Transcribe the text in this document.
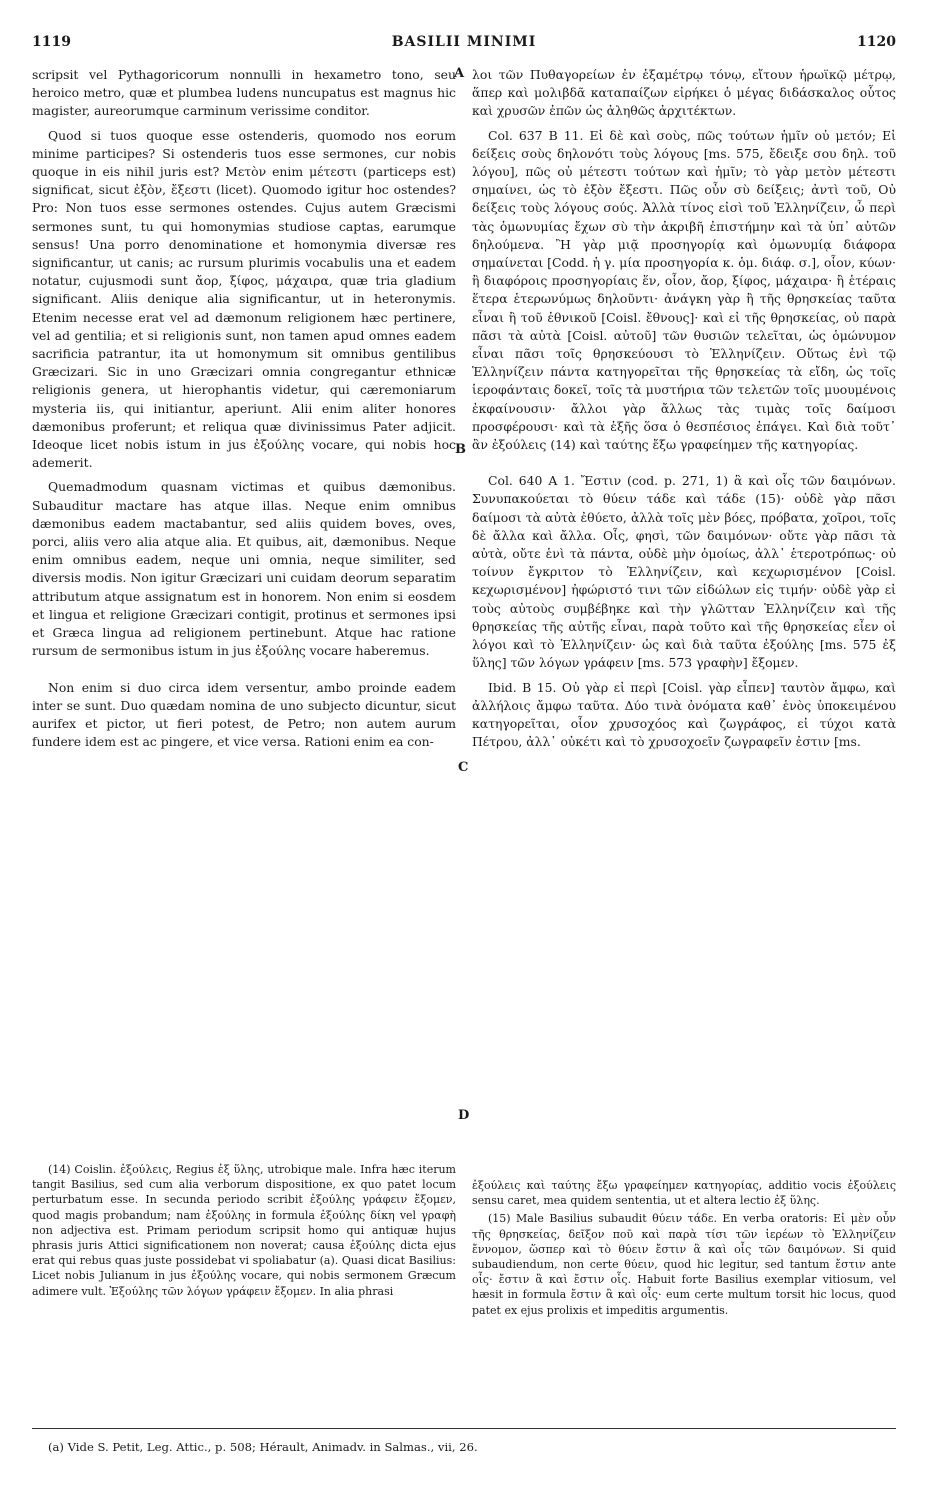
1119	BASILII MINIMI	1120

scripsit vel Pythagoricorum nonnulli in hexametro tono, seu heroico metro, quæ et plumbea ludens nuncupatus est magnus hic magister, aureorumque carminum verissime conditor.

Quod si tuos quoque esse ostenderis, quomodo nos eorum minime participes? Si ostenderis tuos esse sermones, cur nobis quoque in eis nihil juris est? Μετὸν enim μέτεστι (particeps est) significat, sicut ἐξὸν, ἔξεστι (licet). Quomodo igitur hoc ostendes? Pro: Non tuos esse sermones ostendes. Cujus autem Græcismi sermones sunt, tu qui homonymias studiose captas, earumque sensus! Una porro denominatione et homonymia diversæ res significantur, ut canis; ac rursum plurimis vocabulis una et eadem notatur, cujusmodi sunt ἄορ, ξίφος, μάχαιρα, quæ tria gladium significant. Aliis denique alia significantur, ut in heteronymis. Etenim necesse erat vel ad dæmonum religionem hæc pertinere, vel ad gentilia; et si religionis sunt, non tamen apud omnes eadem sacrificia patrantur, ita ut homonymum sit omnibus gentilibus Græcizari. Sic in uno Græcizari omnia congregantur ethnicæ religionis genera, ut hierophantis videtur, qui cæremoniarum mysteria iis, qui initiantur, aperiunt. Alii enim aliter honores dæmonibus proferunt; et reliqua quæ divinissimus Pater adjicit. Ideoque licet nobis istum in jus ἐξούλης vocare, qui nobis hoc ademerit.

Quemadmodum quasnam victimas et quibus dæmonibus. Subauditur mactare has atque illas. Neque enim omnibus dæmonibus eadem mactabantur, sed aliis quidem boves, oves, porci, aliis vero alia atque alia. Et quibus, ait, dæmonibus. Neque enim omnibus eadem, neque uni omnia, neque similiter, sed diversis modis. Non igitur Græcizari uni cuidam deorum separatim attributum atque assignatum est in honorem. Non enim si eosdem et lingua et religione Græcizari contigit, protinus et sermones ipsi et Græca lingua ad religionem pertinebunt. Atque hac ratione rursum de sermonibus istum in jus ἐξούλης vocare haberemus.

Non enim si duo circa idem versentur, ambo proinde eadem inter se sunt. Duo quædam nomina de uno subjecto dicuntur, sicut aurifex et pictor, ut fieri potest, de Petro; non autem aurum fundere idem est ac pingere, et vice versa. Rationi enim ea con-

A
B
C
D

λοι τῶν Πυθαγορείων ἐν ἑξαμέτρῳ τόνῳ, εἴτουν ἡρωϊκῷ μέτρῳ, ἅπερ καὶ μολιβδᾶ καταπαίζων εἰρήκει ὁ μέγας διδάσκαλος οὗτος καὶ χρυσῶν ἐπῶν ὡς ἀληθῶς ἀρχιτέκτων.

Col. 637 B 11. Εἰ δὲ καὶ σοὺς, πῶς τούτων ἡμῖν οὐ μετόν; Εἰ δείξεις σοὺς δηλονότι τοὺς λόγους [ms. 575, ἔδειξε σου δηλ. τοῦ λόγου], πῶς οὐ μέτεστι τούτων καὶ ἡμῖν; τὸ γὰρ μετὸν μέτεστι σημαίνει, ὡς τὸ ἐξὸν ἔξεστι. Πῶς οὖν σὺ δείξεις; ἀντὶ τοῦ, Οὐ δείξεις τοὺς λόγους σούς. Ἀλλὰ τίνος εἰσὶ τοῦ Ἑλληνίζειν, ὦ περὶ τὰς ὁμωνυμίας ἔχων σὺ τὴν ἀκριβῆ ἐπιστήμην καὶ τὰ ὑπ᾽ αὐτῶν δηλούμενα. Ἢ γὰρ μιᾷ προσηγορίᾳ καὶ ὁμωνυμίᾳ διάφορα σημαίνεται [Codd. ἡ γ. μία προσηγορία κ. ὁμ. διάφ. σ.], οἷον, κύων· ἢ διαφόροις προσηγορίαις ἕν, οἷον, ἄορ, ξίφος, μάχαιρα· ἢ ἑτέραις ἕτερα ἑτερωνύμως δηλοῦντι· ἀνάγκη γὰρ ἢ τῆς θρησκείας ταῦτα εἶναι ἢ τοῦ ἐθνικοῦ [Coisl. ἔθνους]· καὶ εἰ τῆς θρησκείας, οὐ παρὰ πᾶσι τὰ αὐτὰ [Coisl. αὐτοῦ] τῶν θυσιῶν τελεῖται, ὡς ὁμώνυμον εἶναι πᾶσι τοῖς θρησκεύουσι τὸ Ἑλληνίζειν. Οὕτως ἐνὶ τῷ Ἑλληνίζειν πάντα κατηγορεῖται τῆς θρησκείας τὰ εἴδη, ὡς τοῖς ἱεροφάνταις δοκεῖ, τοῖς τὰ μυστήρια τῶν τελετῶν τοῖς μυουμένοις ἐκφαίνουσιν· ἄλλοι γὰρ ἄλλως τὰς τιμὰς τοῖς δαίμοσι προσφέρουσι· καὶ τὰ ἑξῆς ὅσα ὁ θεσπέσιος ἐπάγει. Καὶ διὰ τοῦτ᾽ ἂν ἐξούλεις (14) καὶ ταύτης ἔξω γραφείημεν τῆς κατηγορίας.

Col. 640 A 1. Ἔστιν (cod. p. 271, 1) ἃ καὶ οἷς τῶν δαιμόνων. Συνυπακούεται τὸ θύειν τάδε καὶ τάδε (15)· οὐδὲ γὰρ πᾶσι δαίμοσι τὰ αὐτὰ ἐθύετο, ἀλλὰ τοῖς μὲν βόες, πρόβατα, χοῖροι, τοῖς δὲ ἄλλα καὶ ἄλλα. Οἷς, φησὶ, τῶν δαιμόνων· οὔτε γὰρ πᾶσι τὰ αὐτὰ, οὔτε ἑνὶ τὰ πάντα, οὐδὲ μὴν ὁμοίως, ἀλλ᾽ ἑτεροτρόπως· οὐ τοίνυν ἔγκριτον τὸ Ἑλληνίζειν, καὶ κεχωρισμένον [Coisl. κεχωρισμένον] ἠφώριστό τινι τῶν εἰδώλων εἰς τιμήν· οὐδὲ γὰρ εἰ τοὺς αὐτοὺς συμβέβηκε καὶ τὴν γλῶτταν Ἑλληνίζειν καὶ τῆς θρησκείας τῆς αὐτῆς εἶναι, παρὰ τοῦτο καὶ τῆς θρησκείας εἶεν οἱ λόγοι καὶ τὸ Ἑλληνίζειν· ὡς καὶ διὰ ταῦτα ἐξούλης [ms. 575 ἐξ ὕλης] τῶν λόγων γράφειν [ms. 573 γραφὴν] ἔξομεν.

Ibid. B 15. Οὐ γὰρ εἰ περὶ [Coisl. γὰρ εἶπεν] ταυτὸν ἄμφω, καὶ ἀλλήλοις ἄμφω ταῦτα. Δύο τινὰ ὀνόματα καθ᾽ ἑνὸς ὑποκειμένου κατηγορεῖται, οἷον χρυσοχόος καὶ ζωγράφος, εἰ τύχοι κατὰ Πέτρου, ἀλλ᾽ οὐκέτι καὶ τὸ χρυσοχοεῖν ζωγραφεῖν ἐστιν [ms.

(14) Coislin. ἐξούλεις, Regius ἐξ ὕλης, utrobique male. Infra hæc iterum tangit Basilius, sed cum alia verborum dispositione, ex quo patet locum perturbatum esse. In secunda periodo scribit ἐξούλης γράφειν ἔξομεν, quod magis probandum; nam ἐξούλης in formula ἐξούλης δίκη vel γραφὴ non adjectiva est. Primam periodum scripsit homo qui antiquæ hujus phrasis juris Attici significationem non noverat; causa ἐξούλης dicta ejus erat qui rebus quas juste possidebat vi spoliabatur (a). Quasi dicat Basilius: Licet nobis Julianum in jus ἐξούλης vocare, qui nobis sermonem Græcum adimere vult. Ἐξούλης τῶν λόγων γράφειν ἔξομεν. In alia phrasi

ἐξούλεις καὶ ταύτης ἔξω γραφείημεν κατηγορίας, additio vocis ἐξούλεις sensu caret, mea quidem sententia, ut et altera lectio ἐξ ὕλης.

(15) Male Basilius subaudit θύειν τάδε. En verba oratoris: Εἰ μὲν οὖν τῆς θρησκείας, δεῖξον ποῦ καὶ παρὰ τίσι τῶν ἱερέων τὸ Ἑλληνίζειν ἔννομον, ὥσπερ καὶ τὸ θύειν ἔστιν ἃ καὶ οἷς τῶν δαιμόνων. Si quid subaudiendum, non certe θύειν, quod hic legitur, sed tantum ἔστιν ante οἷς· ἔστιν ἃ καὶ ἔστιν οἷς. Habuit forte Basilius exemplar vitiosum, vel hæsit in formula ἔστιν ἃ καὶ οἷς· eum certe multum torsit hic locus, quod patet ex ejus prolixis et impeditis argumentis.

(a) Vide S. Petit, Leg. Attic., p. 508; Hérault, Animadv. in Salmas., vii, 26.
